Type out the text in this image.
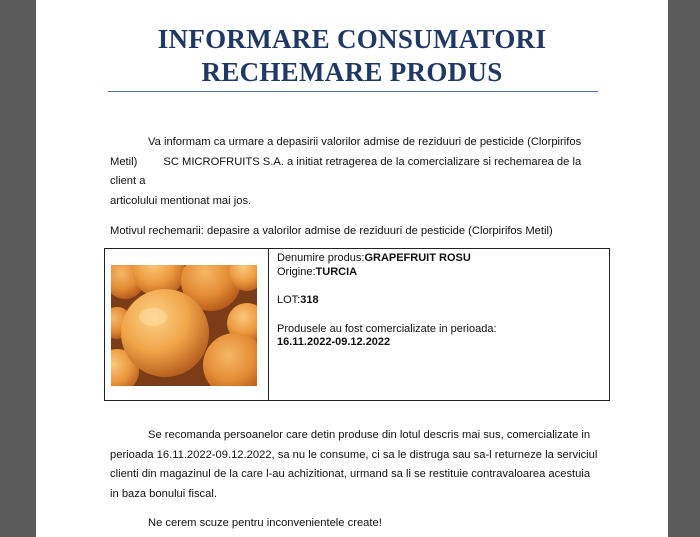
INFORMARE CONSUMATORI
RECHEMARE PRODUS
Va informam ca urmare a depasirii valorilor admise de reziduuri de pesticide (Clorpirifos
Metil) SC MICROFRUITS S.A. a initiat retragerea de la comercializare si rechemarea de la client a
articolului mentionat mai jos.
Motivul rechemarii: depasire a valorilor admise de reziduuri de pesticide (Clorpirifos Metil)

Denumire produs:GRAPEFRUIT ROSU

Origine:TURCIA

LOT:318

Produsele au fost comercializate in perioada:

16.11.2022-09.12.2022

Se recomanda persoanelor care detin produse din lotul descris mai sus, comercializate in
perioada 16.11.2022-09.12.2022, sa nu le consume, ci sa le distruga sau sa-l returneze la serviciul
clienti din magazinul de la care l-au achizitionat, urmand sa li se restituie contravaloarea acestuia
in baza bonului fiscal.
Ne cerem scuze pentru inconvenientele create!
